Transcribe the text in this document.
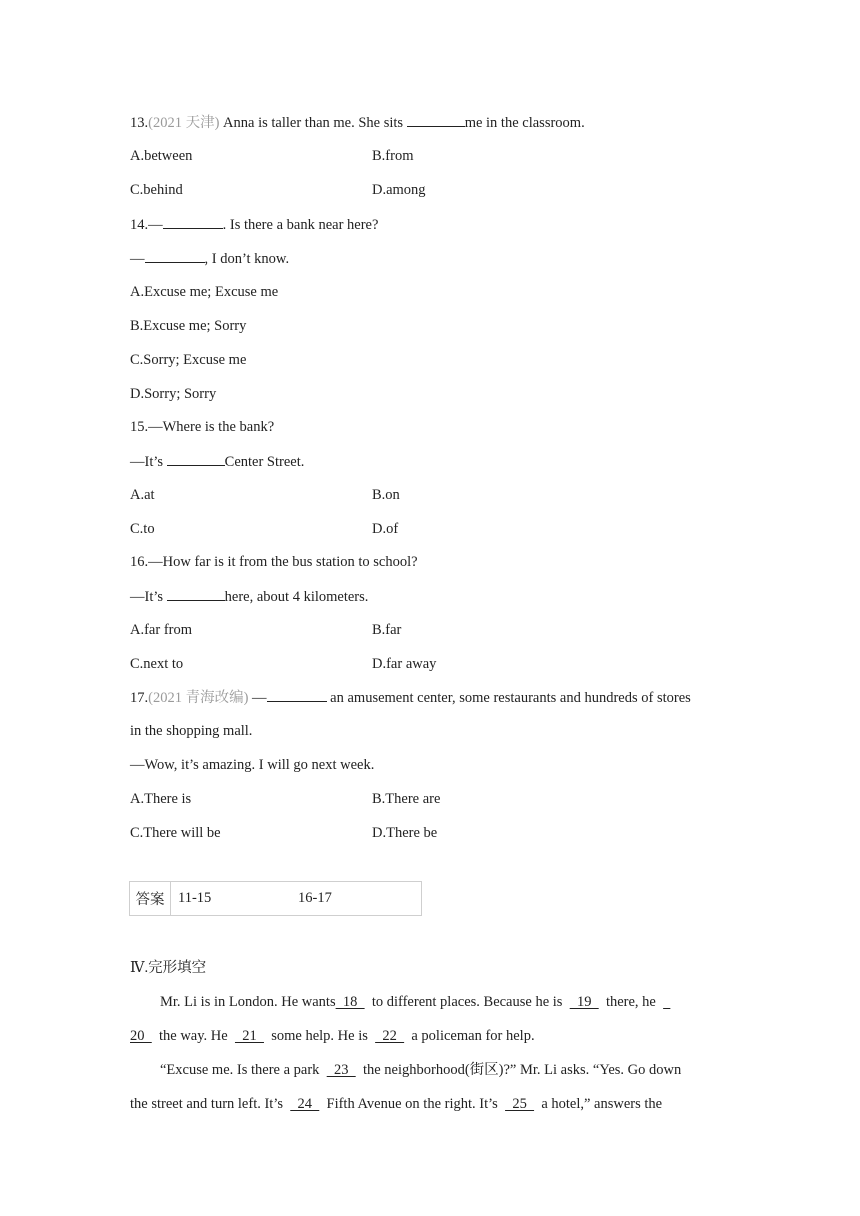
13.(2021 天津) Anna is taller than me. She sits	me in the classroom.
A.between	B.from
C.behind	D.among
14.—	. Is there a bank near here?
—	, I don’t know.
A.Excuse me; Excuse me
B.Excuse me; Sorry
C.Sorry; Excuse me
D.Sorry; Sorry
15.—Where is the bank?
—It’s	Center Street.
A.at	B.on
C.to	D.of
16.—How far is it from the bus station to school?
—It’s	here, about 4 kilometers.
A.far from	B.far
C.next to	D.far away
17.(2021 青海改编) —	an amusement center, some restaurants and hundreds of stores
in the shopping mall.
—Wow, it’s amazing. I will go next week.
A.There is	B.There are
C.There will be	D.There be
答案 11-15	16-17
Ⅳ.完形填空
Mr. Li is in London. He wants  18    to different places. Because he is    19    there, he
20    the way. He    21    some help. He is    22    a policeman for help.
“Excuse me. Is there a park    23    the neighborhood(街区)?” Mr. Li asks. “Yes. Go down
the street and turn left. It’s    24    Fifth Avenue on the right. It’s    25    a hotel,” answers the
